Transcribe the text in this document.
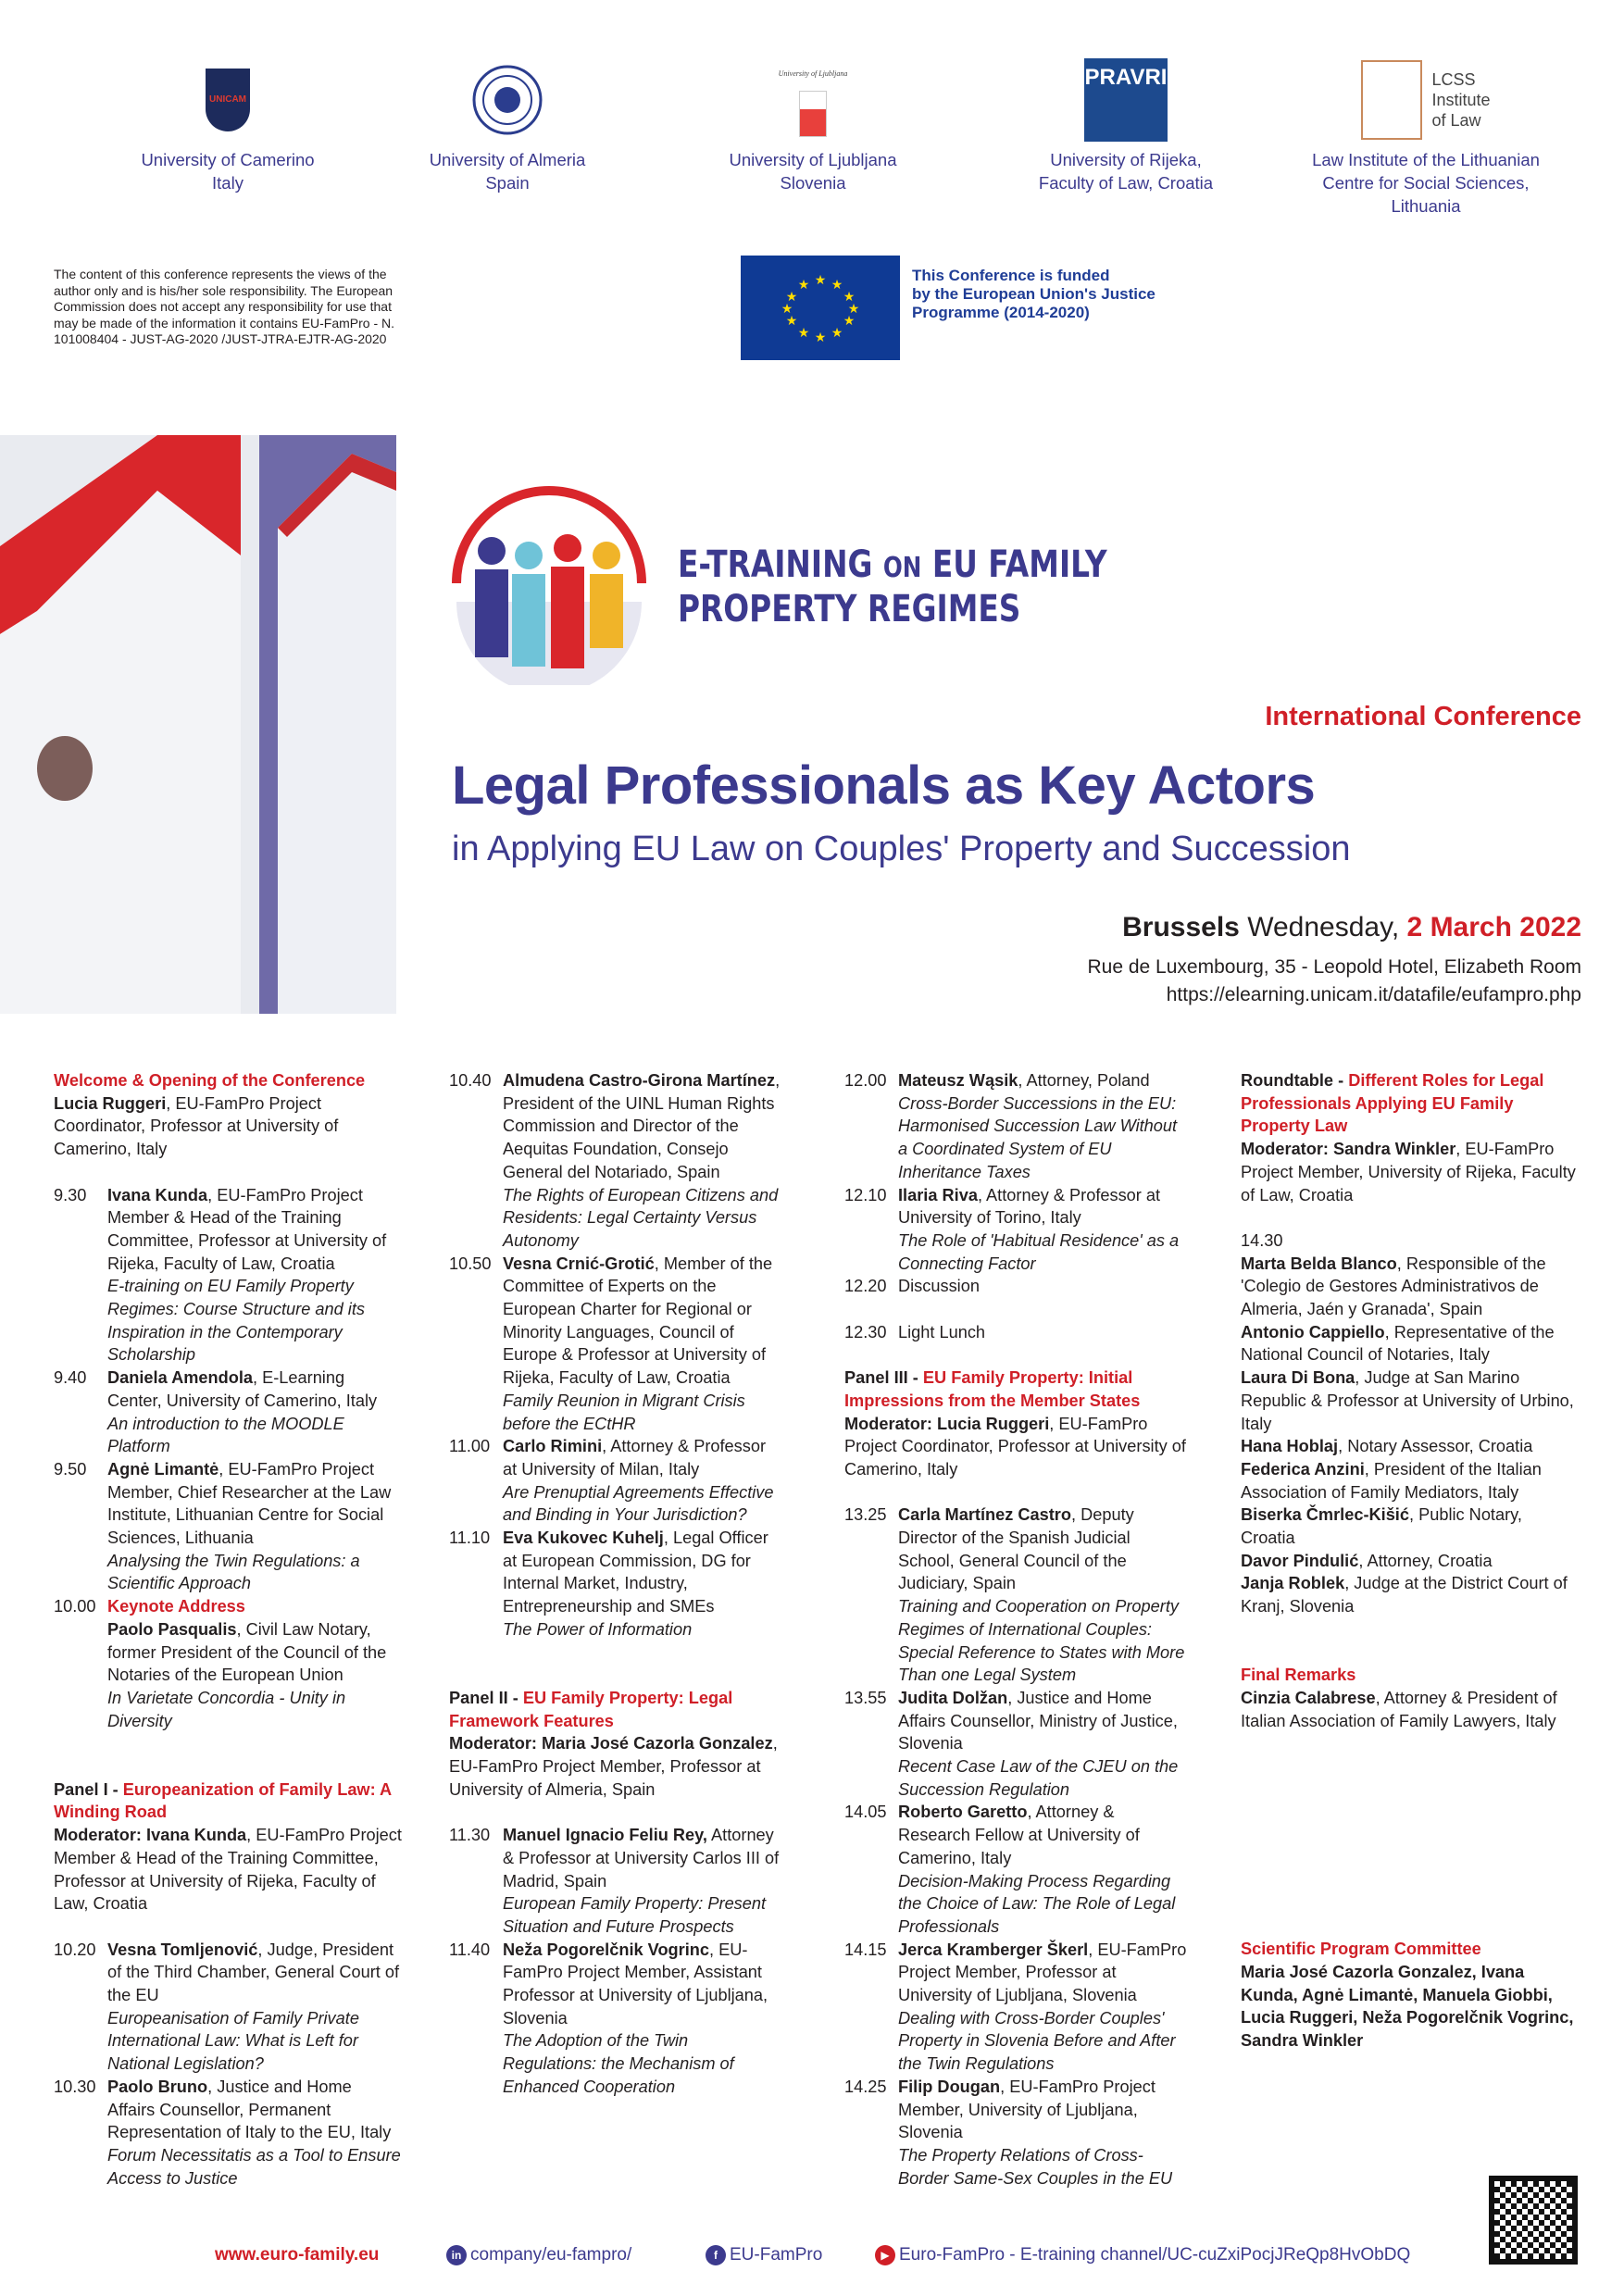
UNICAM
University of Camerino
Italy
University of Almeria
Spain
University of Ljubljana
University of Ljubljana
Slovenia
PRAVRI
University of Rijeka,
Faculty of Law, Croatia
LCSS
Institute
of Law
Law Institute of the Lithuanian
Centre for Social Sciences,
Lithuania
The content of this conference represents the views of the author only and is his/her sole responsibility. The European Commission does not accept any responsibility for use that may be made of the information it contains EU-FamPro - N. 101008404 - JUST-AG-2020 /JUST-JTRA-EJTR-AG-2020
★ ★
★
★
★
★
★
★
★
★
★
★	This Conference is funded
by the European Union's Justice
Programme (2014-2020)
E-TRAINING ON EU FAMILY
PROPERTY REGIMES
International Conference
Legal Professionals as Key Actors
in Applying EU Law on Couples' Property and Succession
Brussels Wednesday, 2 March 2022
Rue de Luxembourg, 35 - Leopold Hotel, Elizabeth Room
https://elearning.unicam.it/datafile/eufampro.php
Welcome & Opening of the Conference
Lucia Ruggeri, EU-FamPro Project Coordinator, Professor at University of Camerino, Italy
9.30	Ivana Kunda, EU-FamPro Project Member & Head of the Training Committee, Professor at University of Rijeka, Faculty of Law, Croatia
E-training on EU Family Property Regimes: Course Structure and its Inspiration in the Contemporary Scholarship
9.40	Daniela Amendola, E-Learning Center, University of Camerino, Italy
An introduction to the MOODLE Platform
9.50	Agnė Limantė, EU-FamPro Project Member, Chief Researcher at the Law Institute, Lithuanian Centre for Social Sciences, Lithuania
Analysing the Twin Regulations: a Scientific Approach
10.00 Keynote Address
Paolo Pasqualis, Civil Law Notary, former President of the Council of the Notaries of the European Union
In Varietate Concordia - Unity in Diversity
Panel I - Europeanization of Family Law: A Winding Road
Moderator: Ivana Kunda, EU-FamPro Project Member & Head of the Training Committee, Professor at University of Rijeka, Faculty of Law, Croatia
10.20 Vesna Tomljenović, Judge, President of the Third Chamber, General Court of the EU
Europeanisation of Family Private International Law: What is Left for National Legislation?
10.30 Paolo Bruno, Justice and Home Affairs Counsellor, Permanent Representation of Italy to the EU, Italy
Forum Necessitatis as a Tool to Ensure Access to Justice
10.40 Almudena Castro-Girona Martínez, President of the UINL Human Rights Commission and Director of the Aequitas Foundation, Consejo General del Notariado, Spain
The Rights of European Citizens and Residents: Legal Certainty Versus Autonomy
10.50 Vesna Crnić-Grotić, Member of the Committee of Experts on the European Charter for Regional or Minority Languages, Council of Europe & Professor at University of Rijeka, Faculty of Law, Croatia
Family Reunion in Migrant Crisis before the ECtHR
11.00 Carlo Rimini, Attorney & Professor at University of Milan, Italy
Are Prenuptial Agreements Effective and Binding in Your Jurisdiction?
11.10 Eva Kukovec Kuhelj, Legal Officer at European Commission, DG for Internal Market, Industry, Entrepreneurship and SMEs
The Power of Information
Panel II - EU Family Property: Legal Framework Features
Moderator: Maria José Cazorla Gonzalez, EU-FamPro Project Member, Professor at University of Almeria, Spain
11.30 Manuel Ignacio Feliu Rey, Attorney & Professor at University Carlos III of Madrid, Spain
European Family Property: Present Situation and Future Prospects
11.40 Neža Pogorelčnik Vogrinc, EU-FamPro Project Member, Assistant Professor at University of Ljubljana, Slovenia
The Adoption of the Twin Regulations: the Mechanism of Enhanced Cooperation
12.00 Mateusz Wąsik, Attorney, Poland
Cross-Border Successions in the EU: Harmonised Succession Law Without a Coordinated System of EU Inheritance Taxes
12.10 Ilaria Riva, Attorney & Professor at University of Torino, Italy
The Role of 'Habitual Residence' as a Connecting Factor
12.20 Discussion
12.30 Light Lunch
Panel III - EU Family Property: Initial Impressions from the Member States
Moderator: Lucia Ruggeri, EU-FamPro Project Coordinator, Professor at University of Camerino, Italy
13.25 Carla Martínez Castro, Deputy Director of the Spanish Judicial School, General Council of the Judiciary, Spain
Training and Cooperation on Property Regimes of International Couples: Special Reference to States with More Than one Legal System
13.55 Judita Dolžan, Justice and Home Affairs Counsellor, Ministry of Justice, Slovenia
Recent Case Law of the CJEU on the Succession Regulation
14.05 Roberto Garetto, Attorney & Research Fellow at University of Camerino, Italy
Decision-Making Process Regarding the Choice of Law: The Role of Legal Professionals
14.15 Jerca Kramberger Škerl, EU-FamPro Project Member, Professor at University of Ljubljana, Slovenia
Dealing with Cross-Border Couples' Property in Slovenia Before and After the Twin Regulations
14.25 Filip Dougan, EU-FamPro Project Member, University of Ljubljana, Slovenia
The Property Relations of Cross-Border Same-Sex Couples in the EU
Roundtable - Different Roles for Legal Professionals Applying EU Family Property Law
Moderator: Sandra Winkler, EU-FamPro Project Member, University of Rijeka, Faculty of Law, Croatia
14.30
Marta Belda Blanco, Responsible of the 'Colegio de Gestores Administrativos de Almeria, Jaén y Granada', Spain
Antonio Cappiello, Representative of the National Council of Notaries, Italy
Laura Di Bona, Judge at San Marino Republic & Professor at University of Urbino, Italy
Hana Hoblaj, Notary Assessor, Croatia
Federica Anzini, President of the Italian Association of Family Mediators, Italy
Biserka Čmrlec-Kišić, Public Notary, Croatia
Davor Pindulić, Attorney, Croatia
Janja Roblek, Judge at the District Court of Kranj, Slovenia
Final Remarks
Cinzia Calabrese, Attorney & President of Italian Association of Family Lawyers, Italy
Scientific Program Committee
Maria José Cazorla Gonzalez, Ivana Kunda, Agnė Limantė, Manuela Giobbi, Lucia Ruggeri, Neža Pogorelčnik Vogrinc, Sandra Winkler
www.euro-family.eu	in company/eu-fampro/	f EU-FamPro	▶ Euro-FamPro - E-training channel/UC-cuZxiPocjJReQp8HvObDQ
